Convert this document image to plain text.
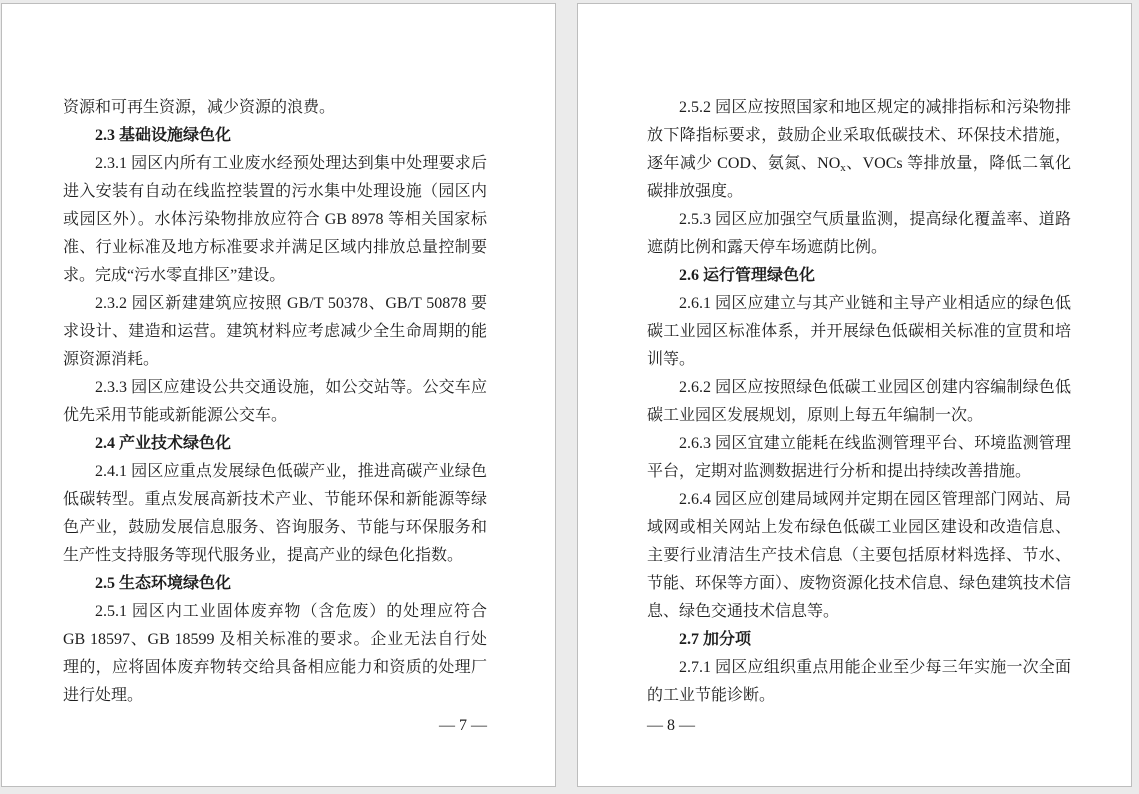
资源和可再生资源，减少资源的浪费。

2.3 基础设施绿色化

2.3.1 园区内所有工业废水经预处理达到集中处理要求后进入安装有自动在线监控装置的污水集中处理设施（园区内或园区外）。水体污染物排放应符合 GB 8978 等相关国家标准、行业标准及地方标准要求并满足区域内排放总量控制要求。完成“污水零直排区”建设。

2.3.2 园区新建建筑应按照 GB/T 50378、GB/T 50878 要求设计、建造和运营。建筑材料应考虑减少全生命周期的能源资源消耗。

2.3.3 园区应建设公共交通设施，如公交站等。公交车应优先采用节能或新能源公交车。

2.4 产业技术绿色化

2.4.1 园区应重点发展绿色低碳产业，推进高碳产业绿色低碳转型。重点发展高新技术产业、节能环保和新能源等绿色产业，鼓励发展信息服务、咨询服务、节能与环保服务和生产性支持服务等现代服务业，提高产业的绿色化指数。

2.5 生态环境绿色化

2.5.1 园区内工业固体废弃物（含危废）的处理应符合 GB 18597、GB 18599 及相关标准的要求。企业无法自行处理的，应将固体废弃物转交给具备相应能力和资质的处理厂进行处理。

— 7 —

2.5.2 园区应按照国家和地区规定的减排指标和污染物排放下降指标要求，鼓励企业采取低碳技术、环保技术措施，逐年减少 COD、氨氮、$NO_x$、VOCs 等排放量，降低二氧化碳排放强度。

2.5.3 园区应加强空气质量监测，提高绿化覆盖率、道路遮荫比例和露天停车场遮荫比例。

2.6 运行管理绿色化

2.6.1 园区应建立与其产业链和主导产业相适应的绿色低碳工业园区标准体系，并开展绿色低碳相关标准的宣贯和培训等。

2.6.2 园区应按照绿色低碳工业园区创建内容编制绿色低碳工业园区发展规划，原则上每五年编制一次。

2.6.3 园区宜建立能耗在线监测管理平台、环境监测管理平台，定期对监测数据进行分析和提出持续改善措施。

2.6.4 园区应创建局域网并定期在园区管理部门网站、局域网或相关网站上发布绿色低碳工业园区建设和改造信息、主要行业清洁生产技术信息（主要包括原材料选择、节水、节能、环保等方面）、废物资源化技术信息、绿色建筑技术信息、绿色交通技术信息等。

2.7 加分项

2.7.1 园区应组织重点用能企业至少每三年实施一次全面的工业节能诊断。

— 8 —
